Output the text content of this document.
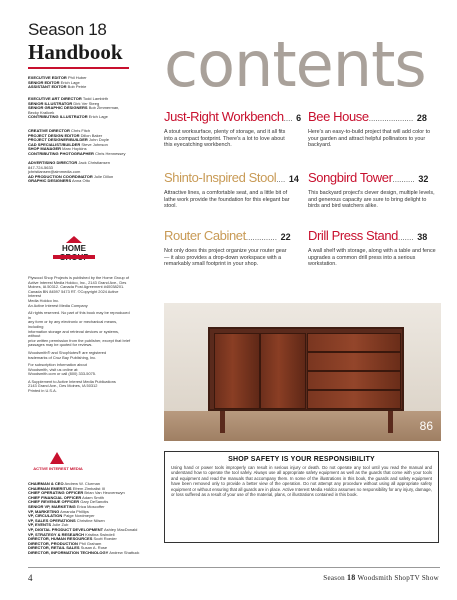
Season 18
Handbook
EXECUTIVE EDITOR Phil Huber
SENIOR EDITOR Erich Lage
ASSISTANT EDITOR Bob Petrie
EXECUTIVE ART DIRECTOR Todd Lambirth
SENIOR ILLUSTRATOR Dirk Ver Steeg
SENIOR GRAPHIC DESIGNERS Bob Zimmerman,
Becky Kralicek
CONTRIBUTING ILLUSTRATOR Erich Lage
CREATIVE DIRECTOR Chris Fitch
PROJECT DESIGN EDITOR Dillon Baker
PROJECT DESIGNER/BUILDER John Doyle
CAD SPECIALIST/BUILDER Steve Johnson
SHOP MANAGER Marc Hopkins
CONTRIBUTING PHOTOGRAPHER Chris Hennessey
ADVERTISING DIRECTOR Jack Christiansen
847-724-5633
jchristiansen@aimmedia.com
AD PRODUCTION COORDINATOR Julie Dillon
GRAPHIC DESIGNERS Anna Otto
HOME
Plywood Shop Projects is published by the Home Group of
Active Interest Media Holdco, Inc., 2143 Grand Ave., Des
Moines, IA 50312. Canada Post Agreement #40038201.
Canada BN 84597 5473 RT. ©Copyright 2024 Active Interest
Media Holdco Inc.
An Active Interest Media Company
All rights reserved. No part of this book may be reproduced in
any form or by any electronic or mechanical means, including
information storage and retrieval devices or systems, without
prior written permission from the publisher, except that brief
passages may be quoted for reviews.
Woodsmith® and ShopNotes® are registered
trademarks of Cruz Bay Publishing, Inc.
For subscription information about
Woodsmith, visit us online at:
Woodsmith.com or call (800) 333-5075.
A Supplement to Active Interest Media Publications
2143 Grand Ave., Des Moines, IA 50312
Printed in U.S.A.
ACTIVE INTEREST MEDIA
CHAIRMAN & CEO Andrew W. Clurman
CHAIRMAN EMERITUS Efrem Zimbalist III
CHIEF OPERATING OFFICER Brian Van Heuverswyn
CHIEF FINANCIAL OFFICER Adam Smith
CHIEF REVENUE OFFICER Gary DeSanctis
SENIOR VP, MARKETING Erica Moscoffer
VP, MARKETING Amanda Phillips
VP, CIRCULATION Paige Nordmeyer
VP, SALES OPERATIONS Christine Nilsen
VP, EVENTS Julie Zub
VP, DIGITAL PRODUCT DEVELOPMENT Ashley MacDonald
VP, STRATEGY & RESEARCH Kristina Swindell
DIRECTOR, HUMAN RESOURCES Scott Roeder
DIRECTOR, PRODUCTION Phil Graham
DIRECTOR, RETAIL SALES Susan A. Rose
DIRECTOR, INFORMATION TECHNOLOGY Andrew Shattuck
contents
Just-Right Workbench.... 6
A stout worksurface, plenty of storage, and it all fits into a compact footprint. There's a lot to love about this eyecatching workbench.
Bee House.................... 28
Here's an easy-to-build project that will add color to your garden and attract helpful pollinators to your backyard.
Shinto-Inspired Stool.... 14
Attractive lines, a comfortable seat, and a little bit of lathe work provide the foundation for this elegant bar stool.
Songbird Tower.......... 32
This backyard project's clever design, multiple levels, and generous capacity are sure to bring delight to birds and bird watchers alike.
Router Cabinet.............. 22
Not only does this project organize your router gear — it also provides a drop-down workspace with a remarkably small footprint in your shop.
Drill Press Stand....... 38
A wall shelf with storage, along with a table and fence upgrades a common drill press into a serious workstation.
86
SHOP SAFETY IS YOUR RESPONSIBILITY
Using hand or power tools improperly can result in serious injury or death. Do not operate any tool until you read the manual and understand how to operate the tool safely. Always use all appropriate safety equipment as well as the guards that come with your tools and equipment and read the manuals that accompany them. In some of the illustrations in this book, the guards and safety equipment have been removed only to provide a better view of the operation. Do not attempt any procedure without using all appropriate safety equipment or without ensuring that all guards are in place. Active Interest Media Holdco assumes no responsibility for any injury, damage, or loss suffered as a result of your use of the material, plans, or illustrations contained in this book.
4	Season 18 Woodsmith ShopTV Show
